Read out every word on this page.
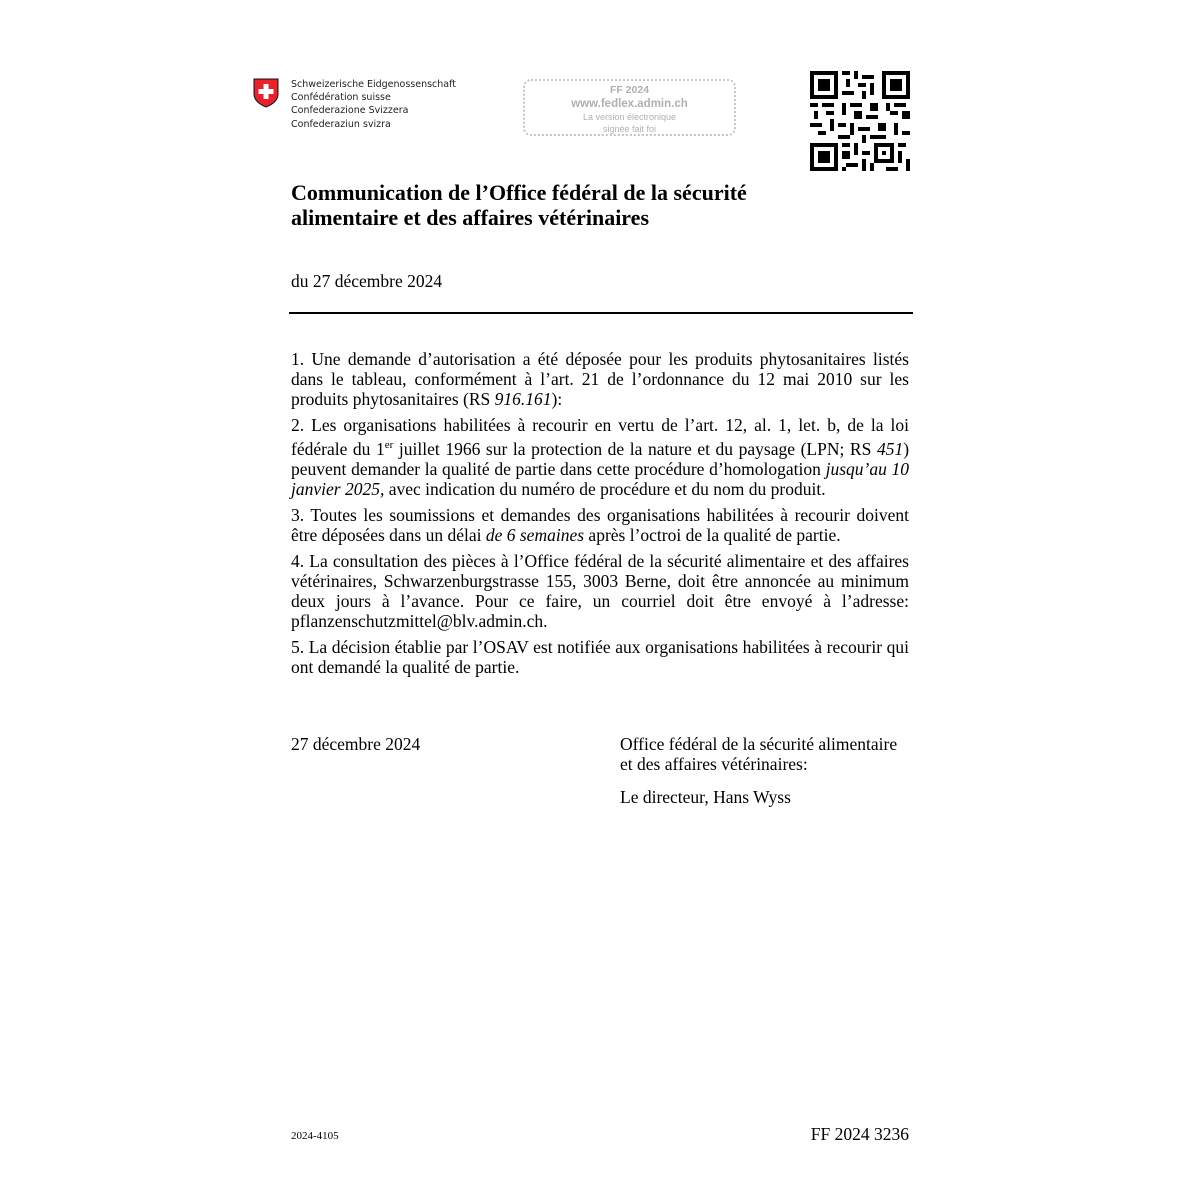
Schweizerische Eidgenossenschaft
Confédération suisse
Confederazione Svizzera
Confederaziun svizra
FF 2024
www.fedlex.admin.ch
La version électronique
signée fait foi
Communication de l’Office fédéral de la sécurité
alimentaire et des affaires vétérinaires
du 27 décembre 2024

1. Une demande d’autorisation a été déposée pour les produits phytosanitaires listés dans le tableau, conformément à l’art. 21 de l’ordonnance du 12 mai 2010 sur les produits phytosanitaires (RS 916.161):

2. Les organisations habilitées à recourir en vertu de l’art. 12, al. 1, let. b, de la loi fédérale du 1er juillet 1966 sur la protection de la nature et du paysage (LPN; RS 451) peuvent demander la qualité de partie dans cette procédure d’homologation jusqu’au 10 janvier 2025, avec indication du numéro de procédure et du nom du produit.

3. Toutes les soumissions et demandes des organisations habilitées à recourir doivent être déposées dans un délai de 6 semaines après l’octroi de la qualité de partie.

4. La consultation des pièces à l’Office fédéral de la sécurité alimentaire et des affaires vétérinaires, Schwarzenburgstrasse 155, 3003 Berne, doit être annoncée au minimum deux jours à l’avance. Pour ce faire, un courriel doit être envoyé à l’adresse: pflanzenschutzmittel@blv.admin.ch.

5. La décision établie par l’OSAV est notifiée aux organisations habilitées à recourir qui ont demandé la qualité de partie.

27 décembre 2024	Office fédéral de la sécurité alimentaire
et des affaires vétérinaires:
Le directeur, Hans Wyss
2024-4105	FF 2024 3236
